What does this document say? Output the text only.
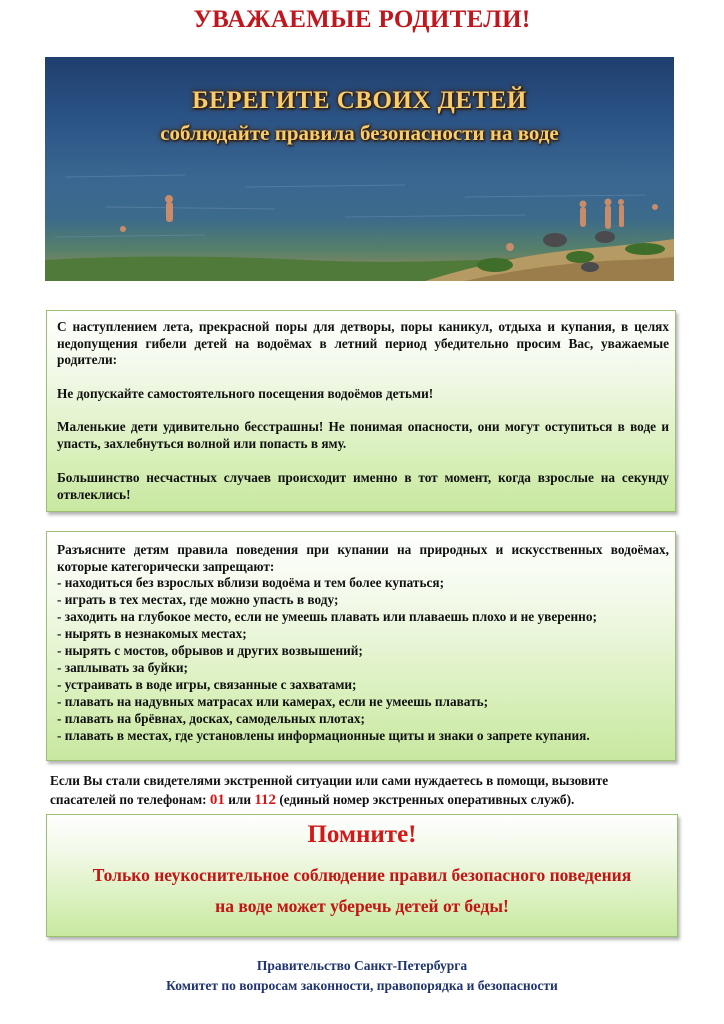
УВАЖАЕМЫЕ РОДИТЕЛИ!
БЕРЕГИТЕ СВОИХ ДЕТЕЙ
соблюдайте правила безопасности на воде

С наступлением лета, прекрасной поры для детворы, поры каникул, отдыха и купания, в целях недопущения гибели детей на водоёмах в летний период убедительно просим Вас, уважаемые родители:

Не допускайте самостоятельного посещения водоёмов детьми!

Маленькие дети удивительно бесстрашны! Не понимая опасности, они могут оступиться в воде и упасть, захлебнуться волной или попасть в яму.

Большинство несчастных случаев происходит именно в тот момент, когда взрослые на секунду отвлеклись!

Разъясните детям правила поведения при купании на природных и искусственных водоёмах, которые категорически запрещают:

- находиться без взрослых вблизи водоёма и тем более купаться;
- играть в тех местах, где можно упасть в воду;
- заходить на глубокое место, если не умеешь плавать или плаваешь плохо и не уверенно;
- нырять в незнакомых местах;
- нырять с мостов, обрывов и других возвышений;
- заплывать за буйки;
- устраивать в воде игры, связанные с захватами;
- плавать на надувных матрасах или камерах, если не умеешь плавать;
- плавать на брёвнах, досках, самодельных плотах;
- плавать в местах, где установлены информационные щиты и знаки о запрете купания.
Если Вы стали свидетелями экстренной ситуации или сами нуждаетесь в помощи, вызовите
спасателей по телефонам: 01 или 112 (единый номер экстренных оперативных служб).
Помните!
Только неукоснительное соблюдение правил безопасного поведения
на воде может уберечь детей от беды!
Правительство Санкт-Петербурга
Комитет по вопросам законности, правопорядка и безопасности
